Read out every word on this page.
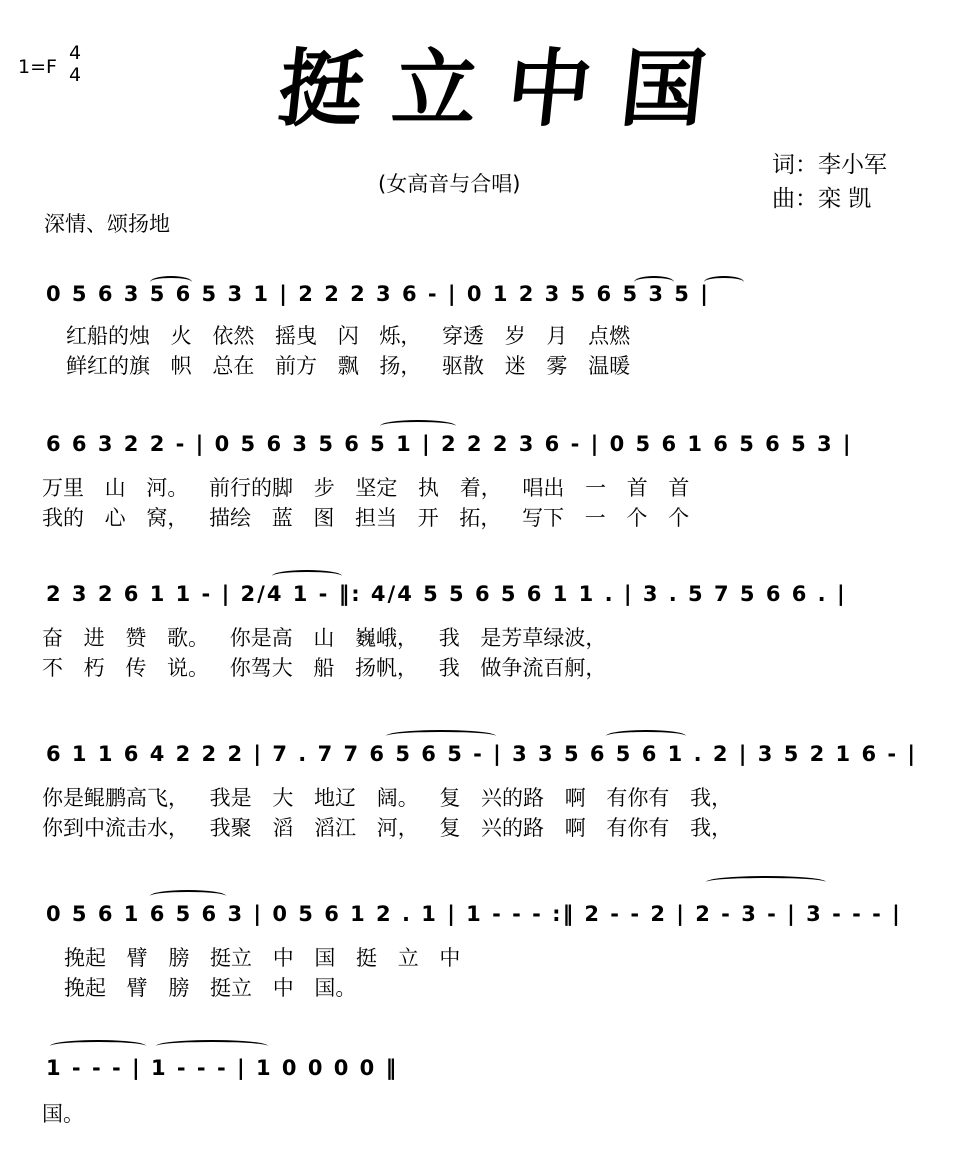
1=F
4
4 挺立中国
(女高音与合唱)
词：李小军
曲：栾 凯
深情、颂扬地
0 5 6 3 5 6 5 3 1 | 2 2 2 3 6 - | 0 1 2 3 5 6 5 3 5 |
红船的烛 火 依然 摇曳 闪 烁， 穿透 岁 月 点燃
鲜红的旗 帜 总在 前方 飘 扬， 驱散 迷 雾 温暖
6 6 3 2 2 - | 0 5 6 3 5 6 5 1 | 2 2 2 3 6 - | 0 5 6 1 6 5 6 5 3 |
万里 山 河。 前行的脚 步 坚定 执 着， 唱出 一 首 首
我的 心 窝， 描绘 蓝 图 担当 开 拓， 写下 一 个 个
2 3 2 6 1 1 - | 2/4 1 - ‖: 4/4 5 5 6 5 6 1 1 . | 3 . 5 7 5 6 6 . |
奋 进 赞 歌。 你是高 山 巍峨， 我 是芳草绿波，
不 朽 传 说。 你驾大 船 扬帆， 我 做争流百舸，
6 1 1 6 4 2 2 2 | 7 . 7 7 6 5 6 5 - | 3 3 5 6 5 6 1 . 2 | 3 5 2 1 6 - |
你是鲲鹏高飞， 我是 大 地辽 阔。 复 兴的路 啊 有你有 我，
你到中流击水， 我聚 滔 滔江 河， 复 兴的路 啊 有你有 我，
0 5 6 1 6 5 6 3 | 0 5 6 1 2 . 1 | 1 - - - :‖ 2 - - 2 | 2 - 3 - | 3 - - - |
挽起 臂 膀 挺立 中 国 挺 立 中
挽起 臂 膀 挺立 中 国。
1 - - - | 1 - - - | 1 0 0 0 0 ‖
国。
